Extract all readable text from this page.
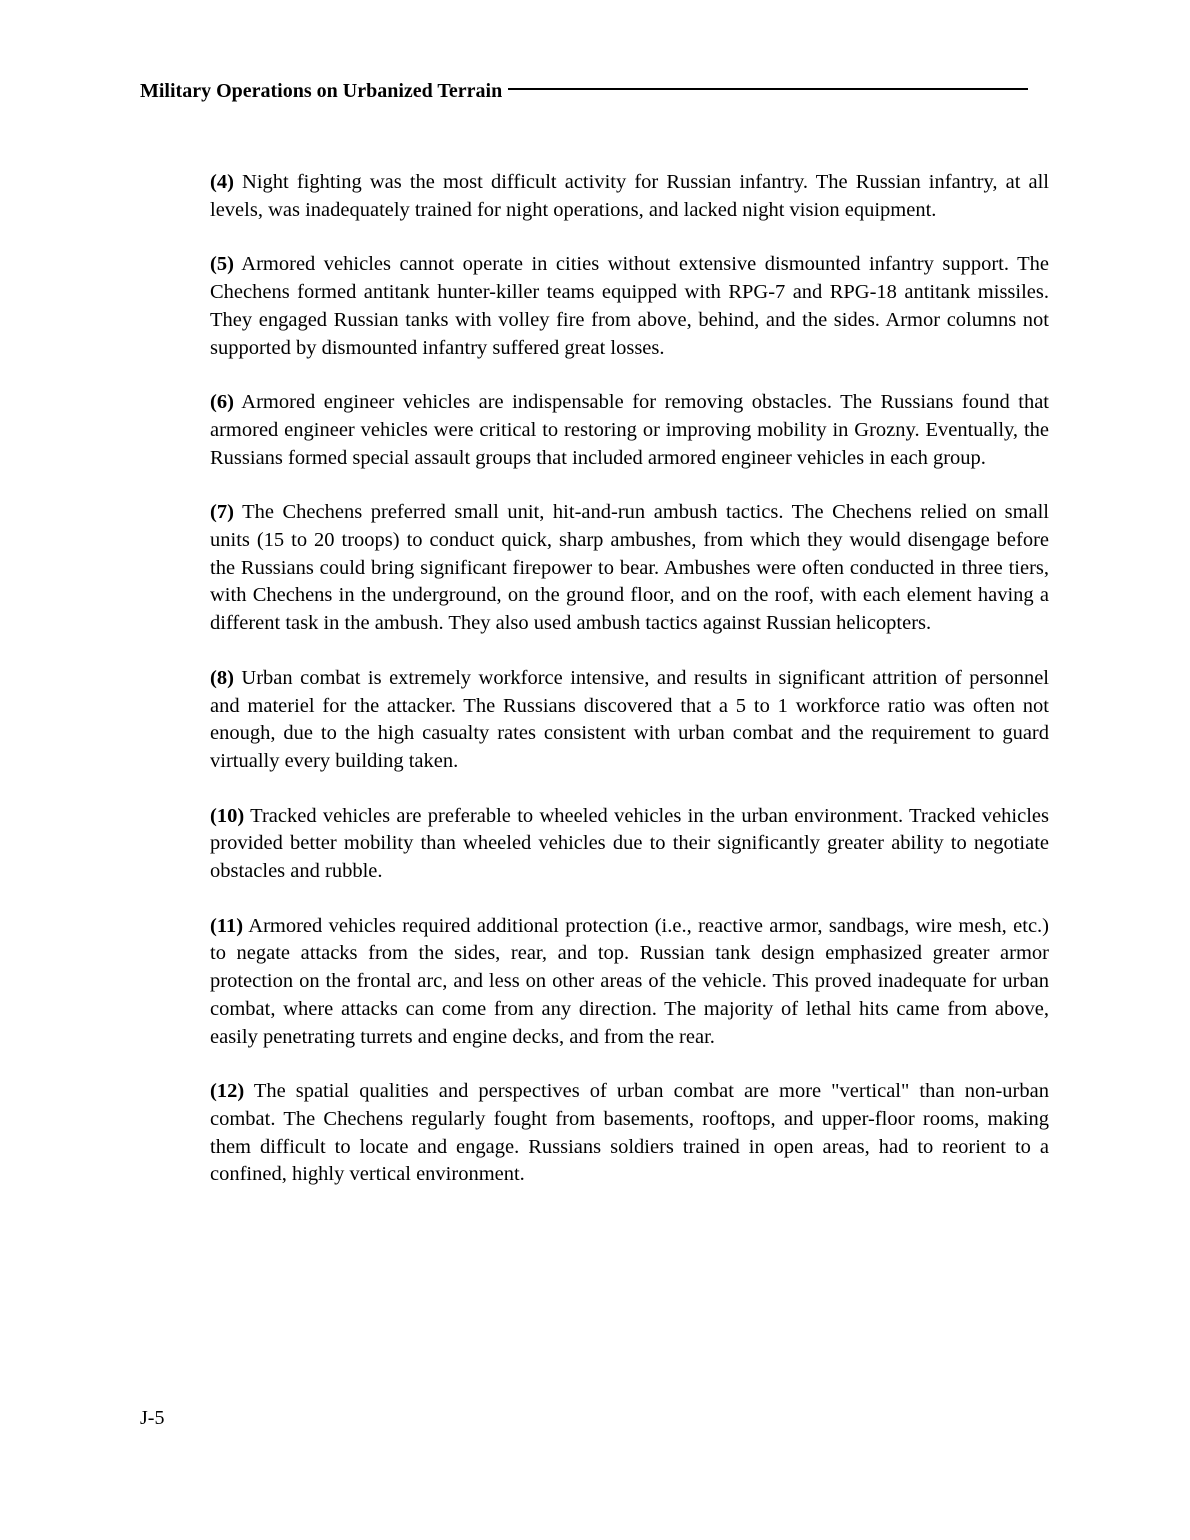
Military Operations on Urbanized Terrain

(4) Night fighting was the most difficult activity for Russian infantry. The Russian infantry, at all levels, was inadequately trained for night operations, and lacked night vision equipment.

(5) Armored vehicles cannot operate in cities without extensive dismounted infantry support. The Chechens formed antitank hunter-killer teams equipped with RPG-7 and RPG-18 antitank missiles. They engaged Russian tanks with volley fire from above, behind, and the sides. Armor columns not supported by dismounted infantry suffered great losses.

(6) Armored engineer vehicles are indispensable for removing obstacles. The Russians found that armored engineer vehicles were critical to restoring or improving mobility in Grozny. Eventually, the Russians formed special assault groups that included armored engineer vehicles in each group.

(7) The Chechens preferred small unit, hit-and-run ambush tactics. The Chechens relied on small units (15 to 20 troops) to conduct quick, sharp ambushes, from which they would disengage before the Russians could bring significant firepower to bear. Ambushes were often conducted in three tiers, with Chechens in the underground, on the ground floor, and on the roof, with each element having a different task in the ambush. They also used ambush tactics against Russian helicopters.

(8) Urban combat is extremely workforce intensive, and results in significant attrition of personnel and materiel for the attacker. The Russians discovered that a 5 to 1 workforce ratio was often not enough, due to the high casualty rates consistent with urban combat and the requirement to guard virtually every building taken.

(10) Tracked vehicles are preferable to wheeled vehicles in the urban environment. Tracked vehicles provided better mobility than wheeled vehicles due to their significantly greater ability to negotiate obstacles and rubble.

(11) Armored vehicles required additional protection (i.e., reactive armor, sandbags, wire mesh, etc.) to negate attacks from the sides, rear, and top. Russian tank design emphasized greater armor protection on the frontal arc, and less on other areas of the vehicle. This proved inadequate for urban combat, where attacks can come from any direction. The majority of lethal hits came from above, easily penetrating turrets and engine decks, and from the rear.

(12) The spatial qualities and perspectives of urban combat are more "vertical" than non-urban combat. The Chechens regularly fought from basements, rooftops, and upper-floor rooms, making them difficult to locate and engage. Russians soldiers trained in open areas, had to reorient to a confined, highly vertical environment.

J-5
